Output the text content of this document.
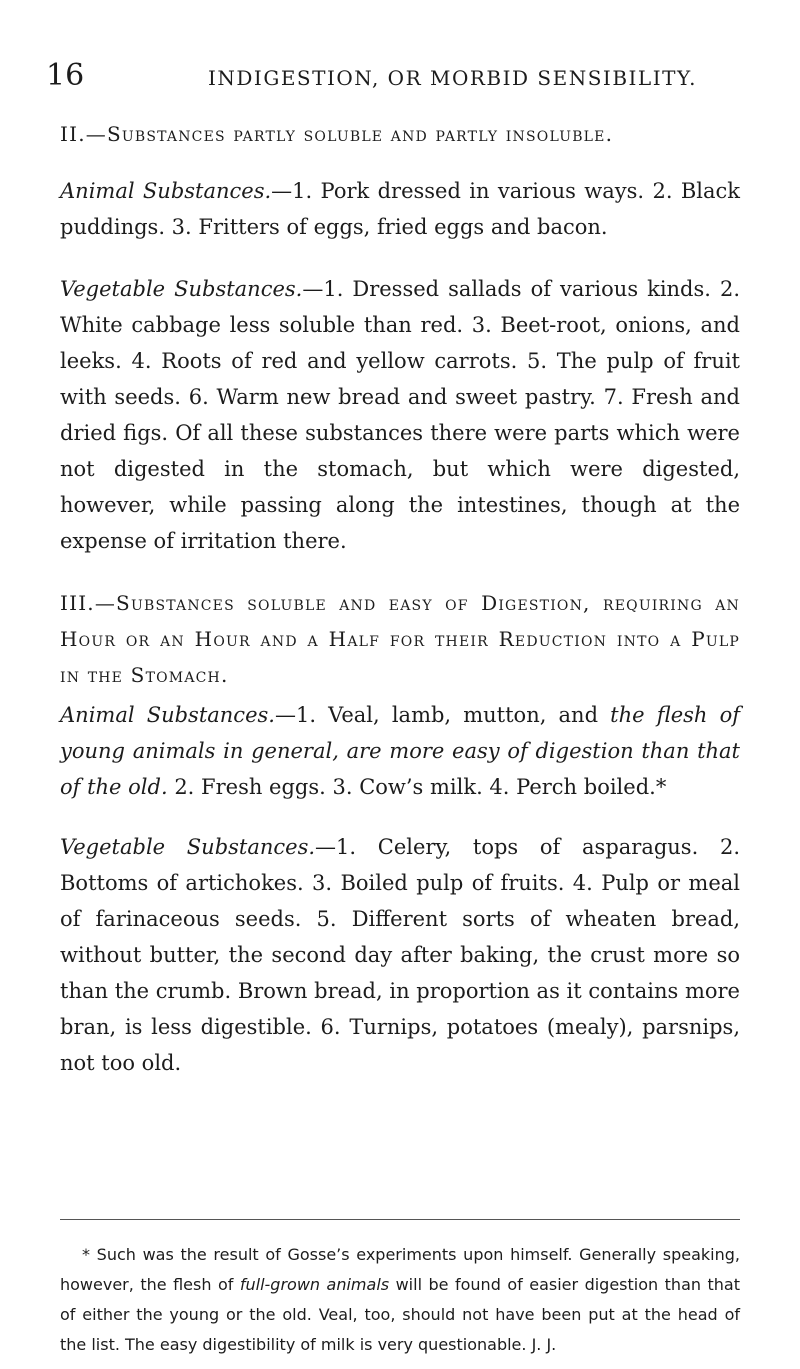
16	INDIGESTION, OR MORBID SENSIBILITY.
II.—Substances partly soluble and partly insoluble.
Animal Substances.—1. Pork dressed in various ways. 2. Black puddings. 3. Fritters of eggs, fried eggs and bacon.
Vegetable Substances.—1. Dressed sallads of various kinds. 2. White cabbage less soluble than red. 3. Beet-root, onions, and leeks. 4. Roots of red and yellow carrots. 5. The pulp of fruit with seeds. 6. Warm new bread and sweet pastry. 7. Fresh and dried figs. Of all these substances there were parts which were not digested in the stomach, but which were digested, however, while passing along the intestines, though at the expense of irritation there.
III.—Substances soluble and easy of Digestion, requiring an Hour or an Hour and a Half for their Reduction into a Pulp in the Stomach.
Animal Substances.—1. Veal, lamb, mutton, and the flesh of young animals in general, are more easy of digestion than that of the old. 2. Fresh eggs. 3. Cow’s milk. 4. Perch boiled.*
Vegetable Substances.—1. Celery, tops of asparagus. 2. Bottoms of artichokes. 3. Boiled pulp of fruits. 4. Pulp or meal of farinaceous seeds. 5. Different sorts of wheaten bread, without butter, the second day after baking, the crust more so than the crumb. Brown bread, in proportion as it contains more bran, is less digestible. 6. Turnips, potatoes (mealy), parsnips, not too old.
* Such was the result of Gosse’s experiments upon himself. Generally speaking, however, the flesh of full-grown animals will be found of easier digestion than that of either the young or the old. Veal, too, should not have been put at the head of the list. The easy digestibility of milk is very questionable. J. J.
